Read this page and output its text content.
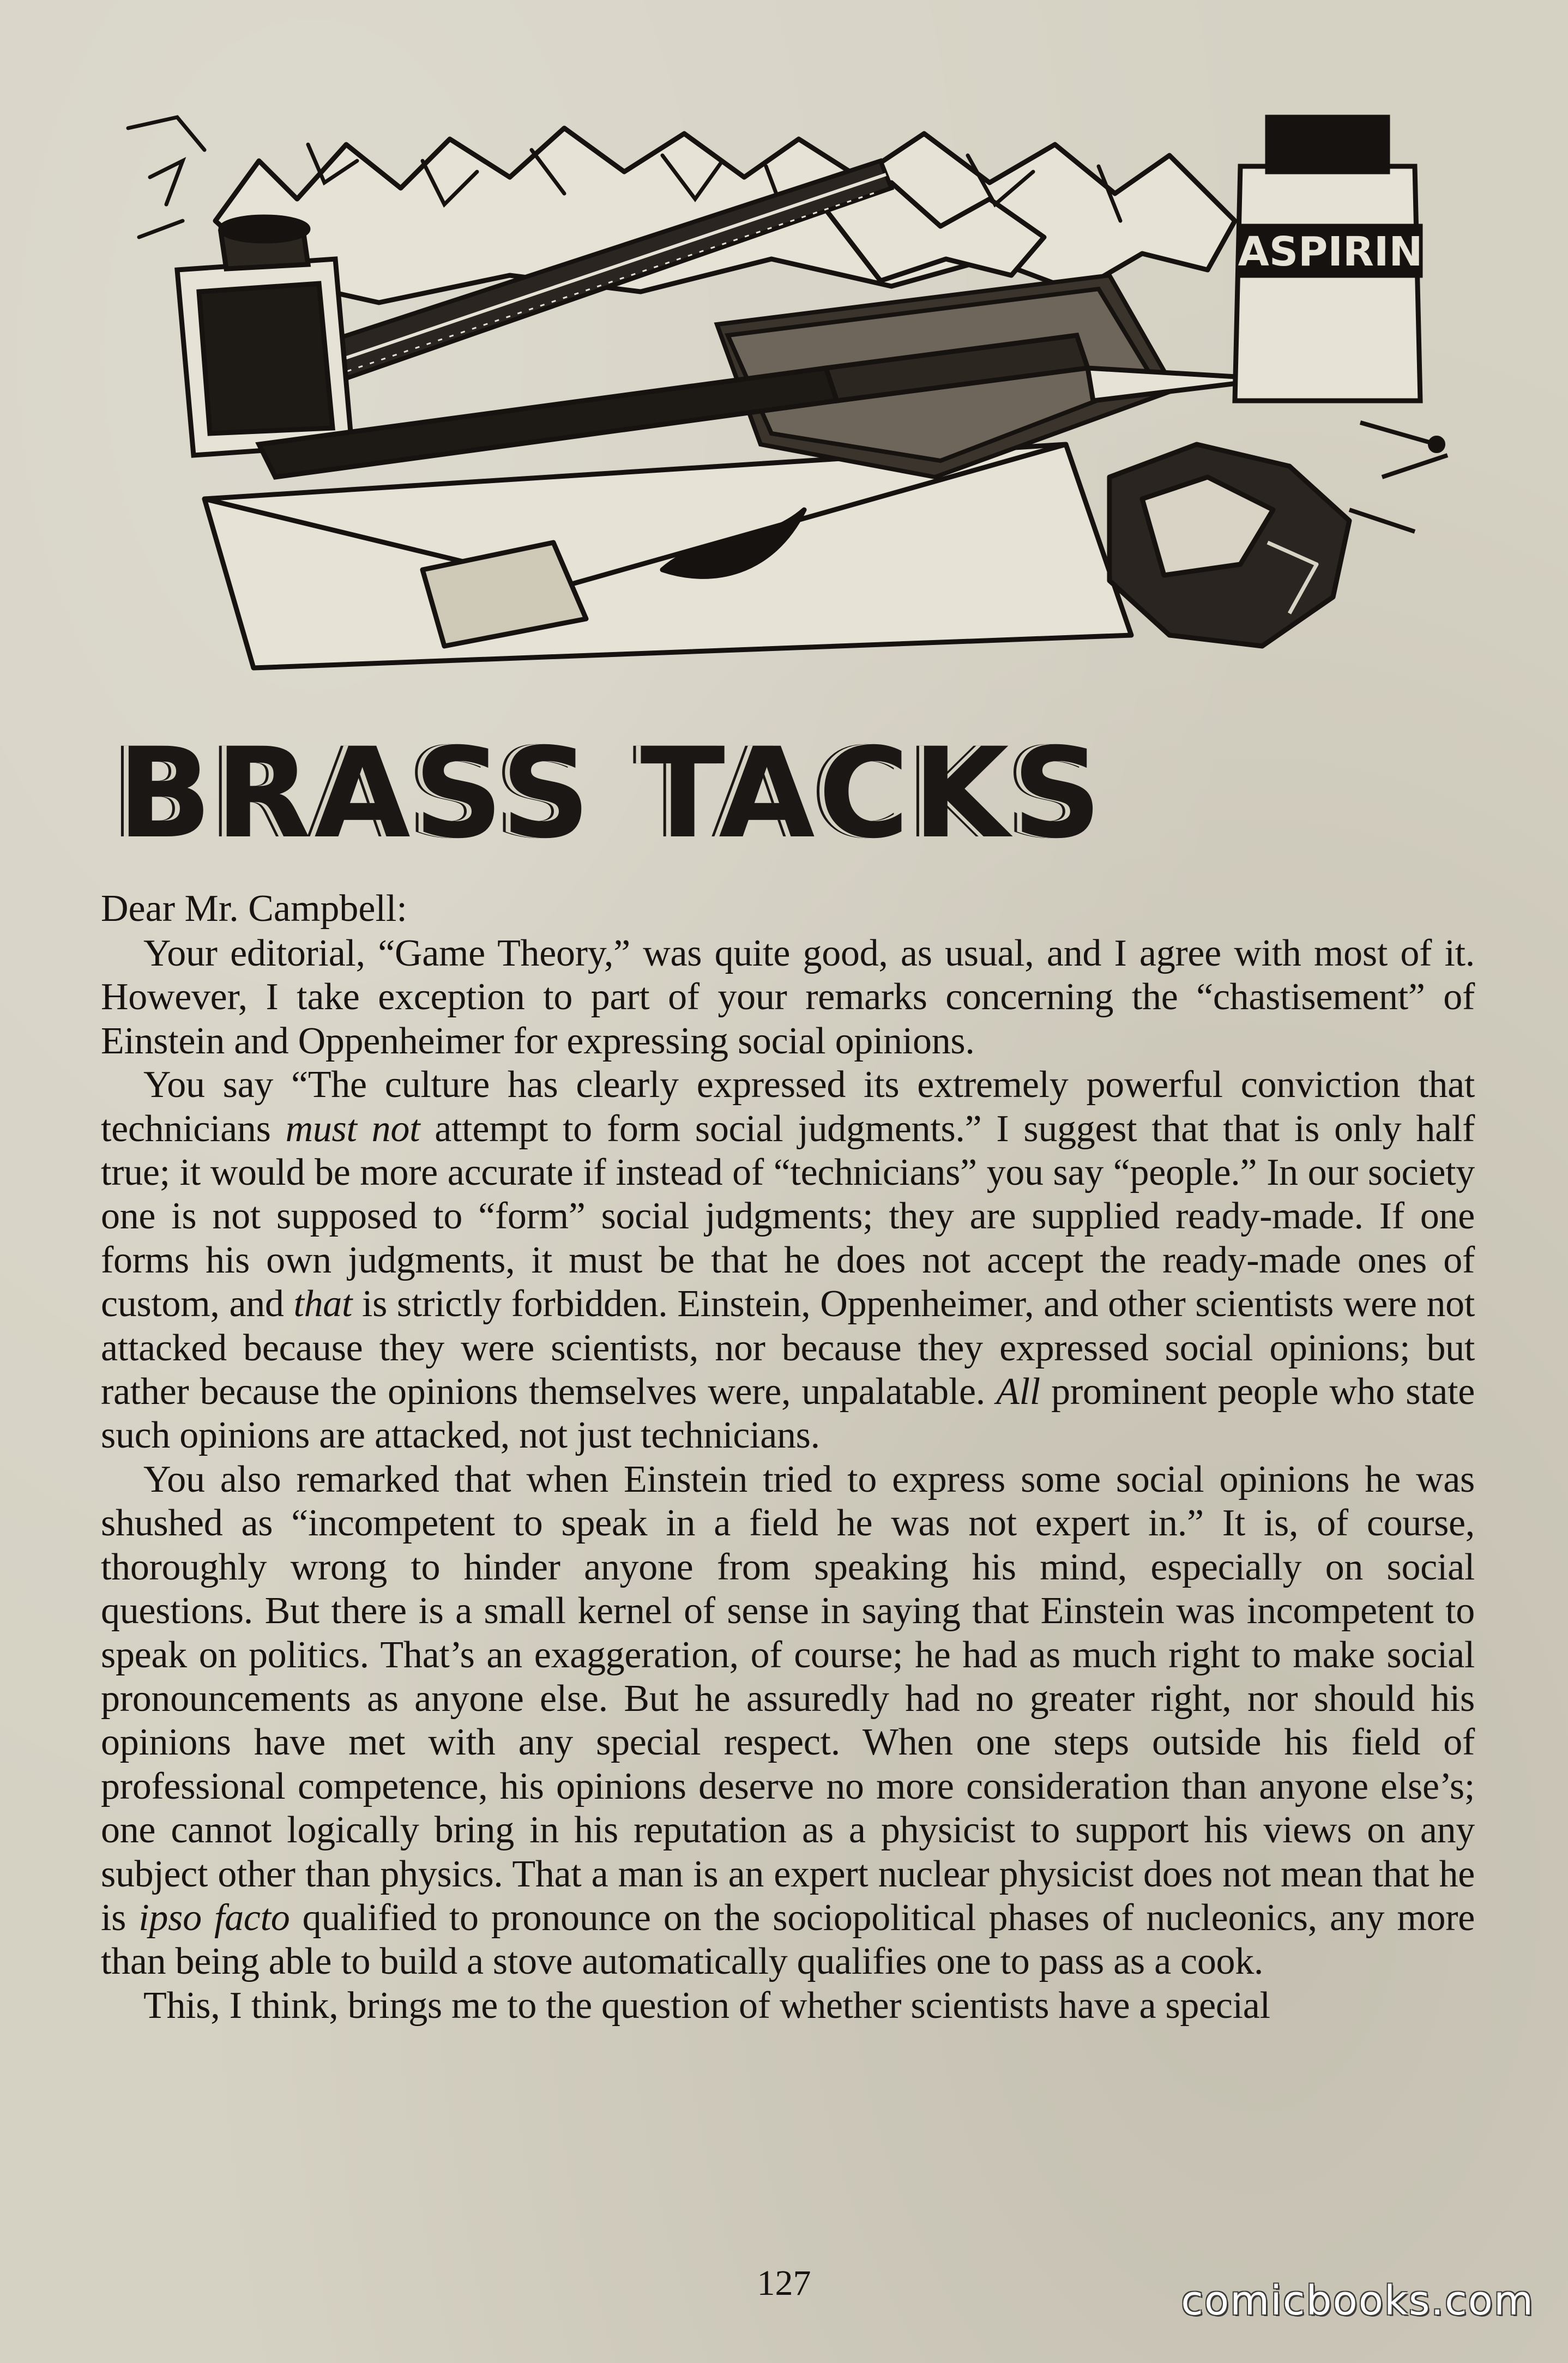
ASPIRIN
BRASS TACKS

Dear Mr. Campbell:

Your editorial, “Game Theory,” was quite good, as usual, and I agree with most of it. However, I take exception to part of your remarks concerning the “chastisement” of Einstein and Oppenheimer for expressing social opinions.

You say “The culture has clearly expressed its extremely powerful conviction that technicians must not attempt to form social judgments.” I suggest that that is only half true; it would be more accurate if instead of “technicians” you say “people.” In our society one is not supposed to “form” social judgments; they are supplied ready-made. If one forms his own judgments, it must be that he does not accept the ready-made ones of custom, and that is strictly forbidden. Einstein, Oppenheimer, and other scientists were not attacked because they were scientists, nor because they expressed social opinions; but rather because the opinions themselves were, unpalatable. All prominent people who state such opinions are attacked, not just technicians.

You also remarked that when Einstein tried to express some social opinions he was shushed as “incompetent to speak in a field he was not expert in.” It is, of course, thoroughly wrong to hinder anyone from speaking his mind, especially on social questions. But there is a small kernel of sense in saying that Einstein was incompetent to speak on politics. That’s an exaggeration, of course; he had as much right to make social pronouncements as anyone else. But he assuredly had no greater right, nor should his opinions have met with any special respect. When one steps outside his field of professional competence, his opinions deserve no more consideration than anyone else’s; one cannot logically bring in his reputation as a physicist to support his views on any subject other than physics. That a man is an expert nuclear physicist does not mean that he is ipso facto qualified to pronounce on the sociopolitical phases of nucleonics, any more than being able to build a stove automatically qualifies one to pass as a cook.

This, I think, brings me to the question of whether scientists have a special

127	comicbooks.com
